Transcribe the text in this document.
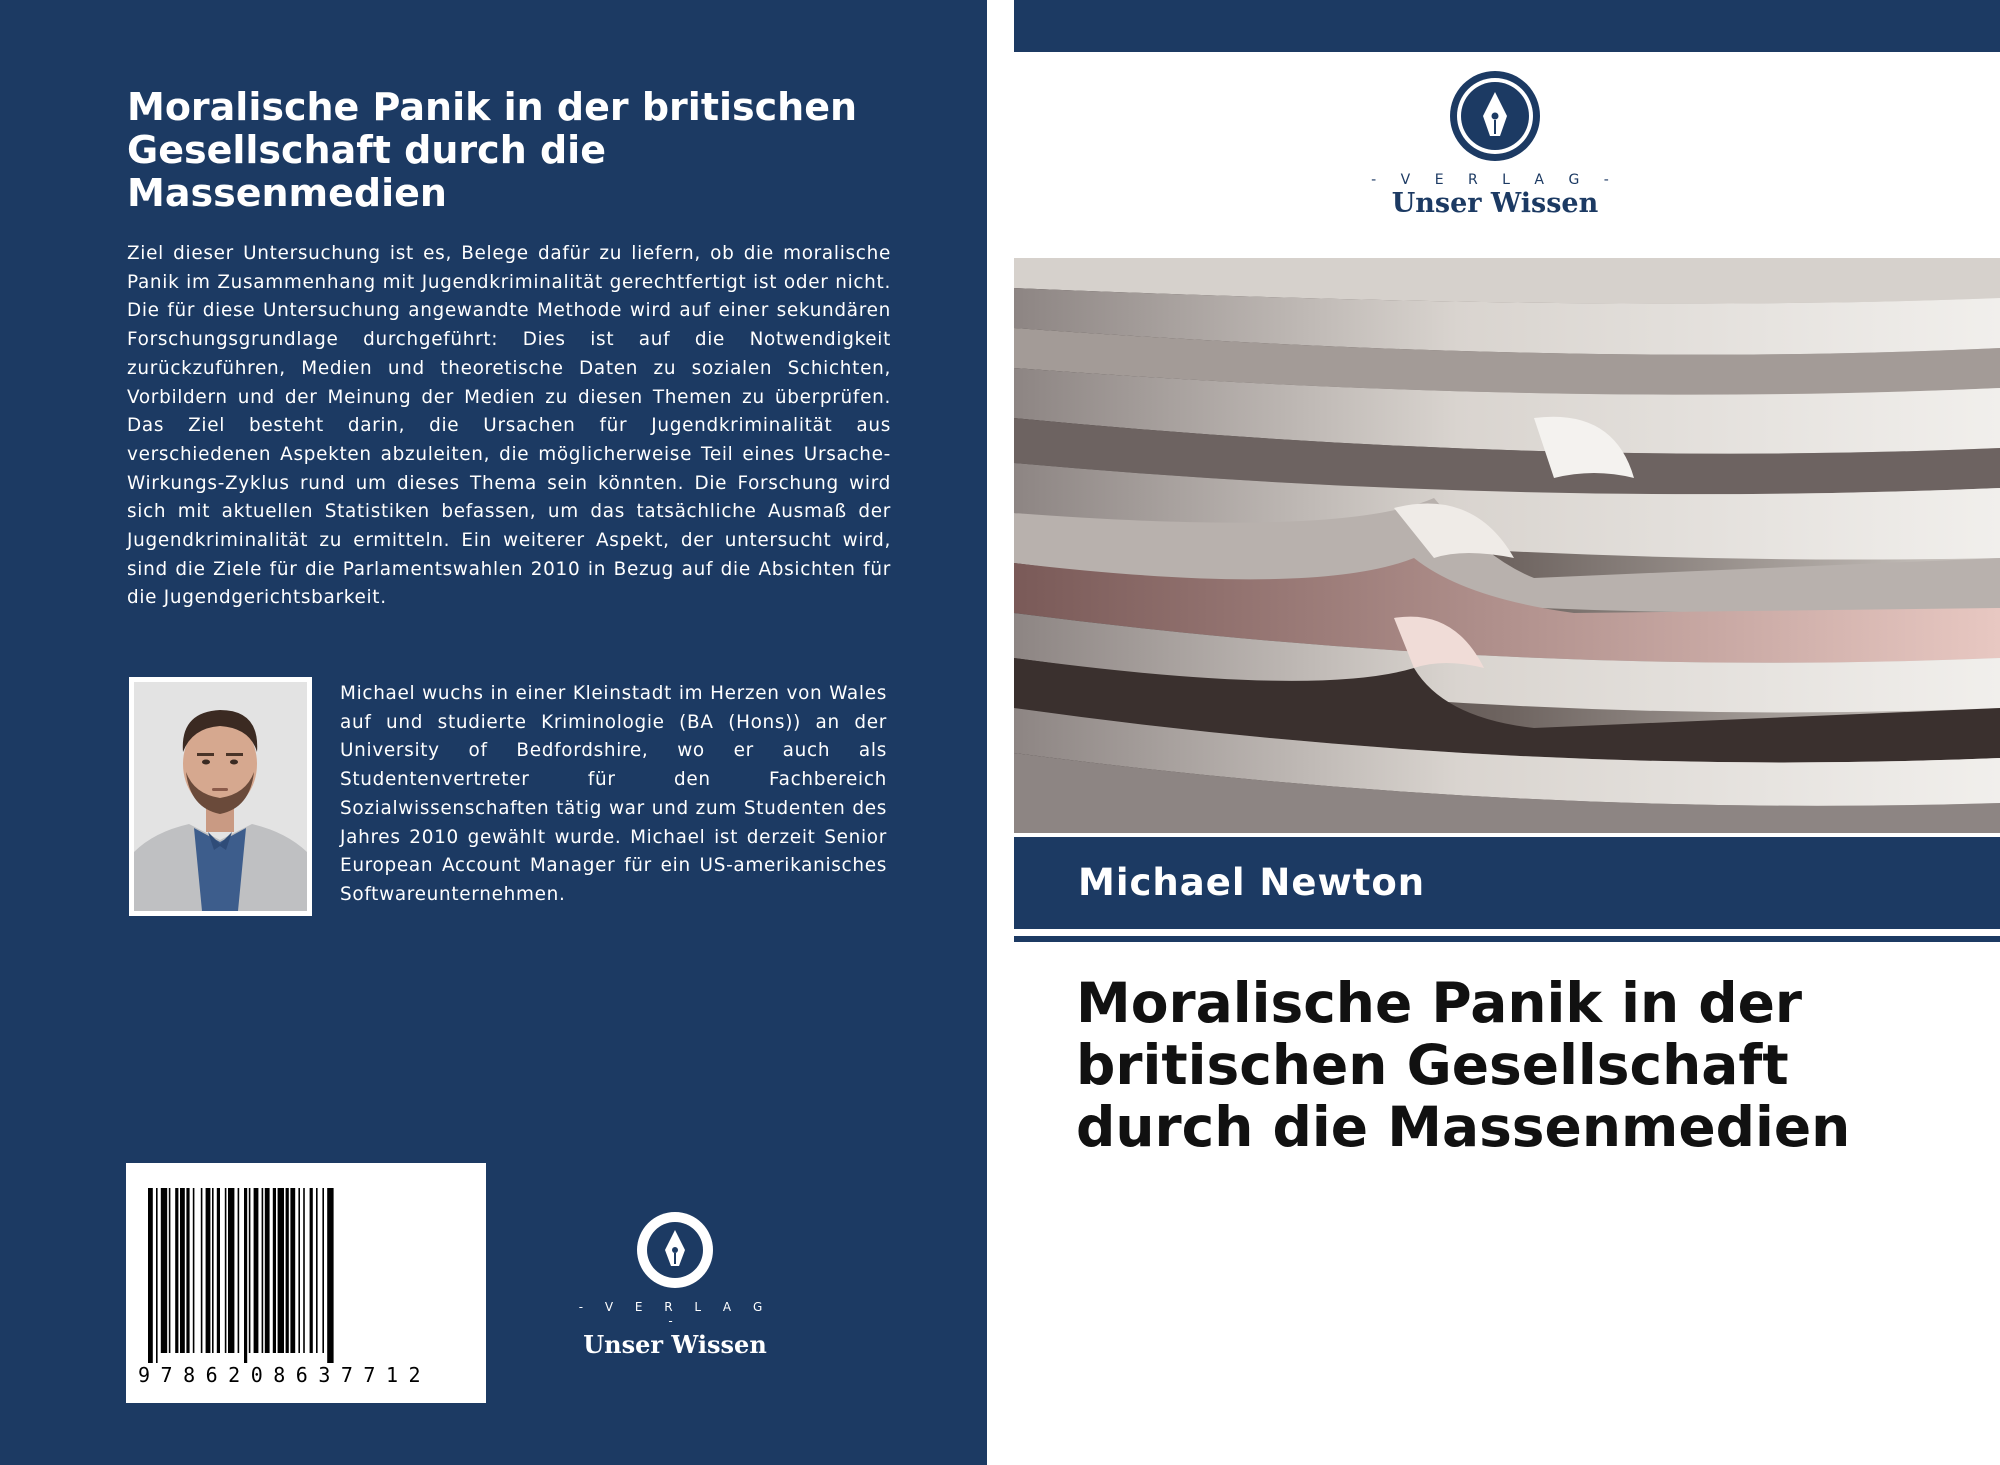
Moralische Panik in der britischen Gesellschaft durch die Massenmedien
Ziel dieser Untersuchung ist es, Belege dafür zu liefern, ob die moralische Panik im Zusammenhang mit Jugendkriminalität gerechtfertigt ist oder nicht. Die für diese Untersuchung angewandte Methode wird auf einer sekundären Forschungsgrundlage durchgeführt: Dies ist auf die Notwendigkeit zurückzuführen, Medien und theoretische Daten zu sozialen Schichten, Vorbildern und der Meinung der Medien zu diesen Themen zu überprüfen. Das Ziel besteht darin, die Ursachen für Jugendkriminalität aus verschiedenen Aspekten abzuleiten, die möglicherweise Teil eines Ursache-Wirkungs-Zyklus rund um dieses Thema sein könnten. Die Forschung wird sich mit aktuellen Statistiken befassen, um das tatsächliche Ausmaß der Jugendkriminalität zu ermitteln. Ein weiterer Aspekt, der untersucht wird, sind die Ziele für die Parlamentswahlen 2010 in Bezug auf die Absichten für die Jugendgerichtsbarkeit.
Michael wuchs in einer Kleinstadt im Herzen von Wales auf und studierte Kriminologie (BA (Hons)) an der University of Bedfordshire, wo er auch als Studentenvertreter für den Fachbereich Sozialwissenschaften tätig war und zum Studenten des Jahres 2010 gewählt wurde. Michael ist derzeit Senior European Account Manager für ein US-amerikanisches Softwareunternehmen.
9786208637712
- V E R L A G -
Unser Wissen
- V E R L A G -
Unser Wissen
Michael Newton
Moralische Panik in der britischen Gesellschaft durch die Massenmedien
